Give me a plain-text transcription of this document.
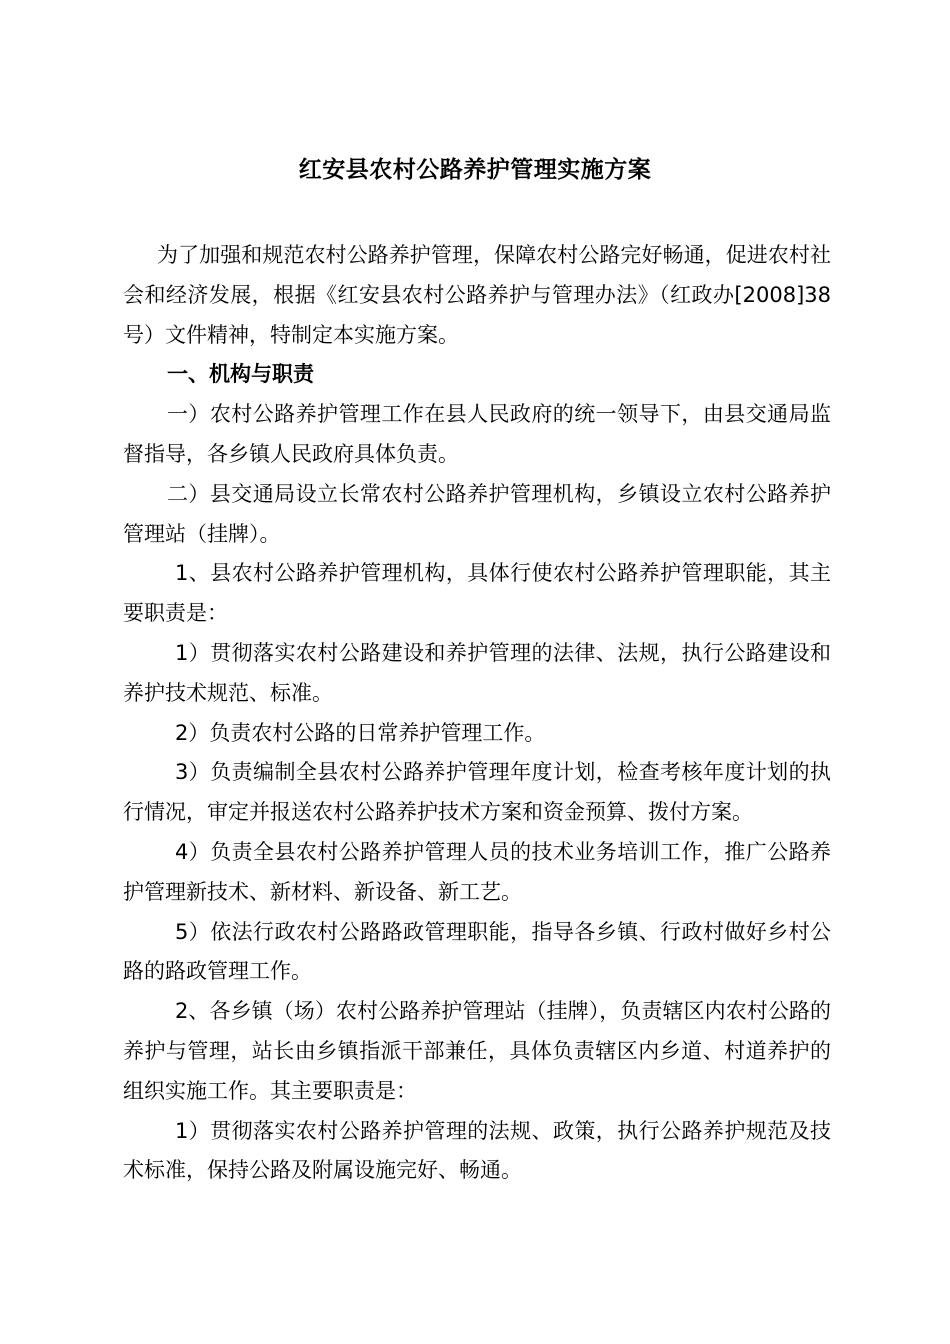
红安县农村公路养护管理实施方案

为了加强和规范农村公路养护管理，保障农村公路完好畅通，促进农村社会和经济发展，根据《红安县农村公路养护与管理办法》（红政办[2008]38号）文件精神，特制定本实施方案。

一、机构与职责

一）农村公路养护管理工作在县人民政府的统一领导下，由县交通局监督指导，各乡镇人民政府具体负责。

二）县交通局设立长常农村公路养护管理机构，乡镇设立农村公路养护管理站（挂牌）。

1、县农村公路养护管理机构，具体行使农村公路养护管理职能，其主要职责是：

1）贯彻落实农村公路建设和养护管理的法律、法规，执行公路建设和养护技术规范、标准。

2）负责农村公路的日常养护管理工作。

3）负责编制全县农村公路养护管理年度计划，检查考核年度计划的执行情况，审定并报送农村公路养护技术方案和资金预算、拨付方案。

4）负责全县农村公路养护管理人员的技术业务培训工作，推广公路养护管理新技术、新材料、新设备、新工艺。

5）依法行政农村公路路政管理职能，指导各乡镇、行政村做好乡村公路的路政管理工作。

2、各乡镇（场）农村公路养护管理站（挂牌），负责辖区内农村公路的养护与管理，站长由乡镇指派干部兼任，具体负责辖区内乡道、村道养护的组织实施工作。其主要职责是：

1）贯彻落实农村公路养护管理的法规、政策，执行公路养护规范及技术标准，保持公路及附属设施完好、畅通。
